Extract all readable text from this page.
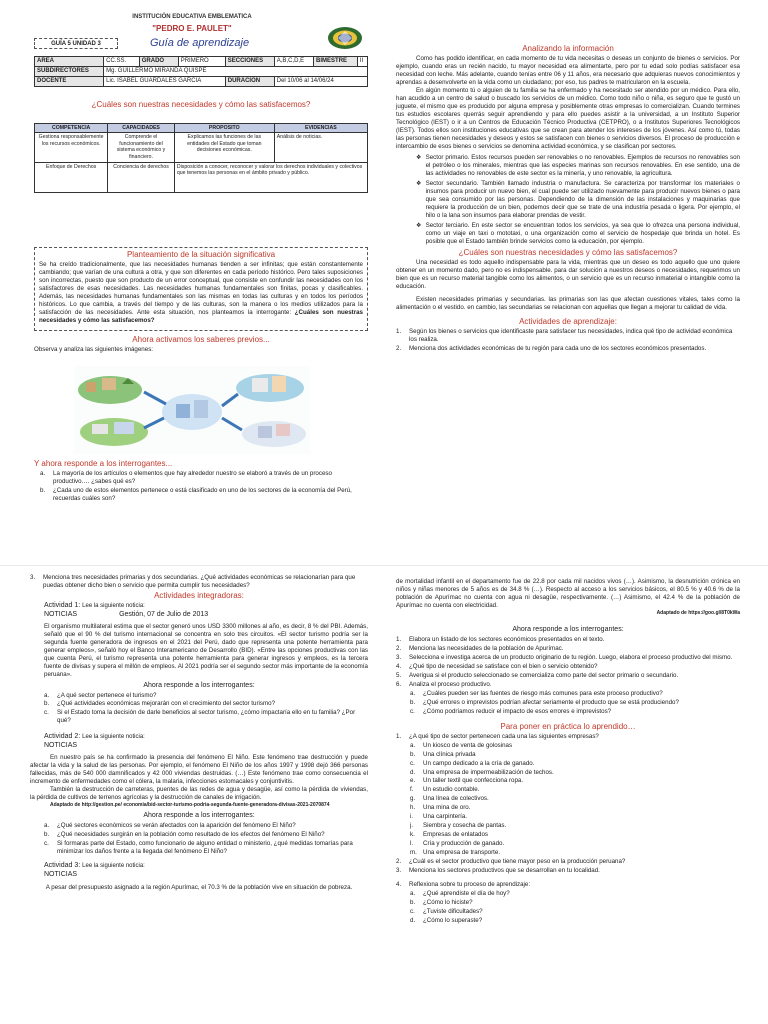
INSTITUCIÓN EDUCATIVA EMBLEMATICA
"PEDRO E. PAULET"
GUÍA 5 UNIDAD 3	Guía de aprendizaje
AREA	CC.SS.	GRADO	PRIMERO	SECCIONES	A,B,C,D,E	BIMESTRE	II
SUBDIRECTORES	Mg. GUILLERMO MIRANDA QUISPE						
DOCENTE	Lic. ISABEL GUARDALES GARCIA			DURACION	Del 10/06 al 14/06/24		
¿Cuáles son nuestras necesidades y cómo las satisfacemos?
COMPETENCIA	CAPACIDADES	PROPOSITO	EVIDENCIAS
Gestiona responsablemente los recursos económicos.	Comprende el funcionamiento del sistema económico y financiero.	Explicamos las funciones de las entidades del Estado que toman decisiones económicas.	Análisis de noticias.
Enfoque de Derechos	Conciencia de derechos	Disposición a conocer, reconocer y valorar los derechos individuales y colectivos que tenemos las personas en el ámbito privado y público.	
Planteamiento de la situación significativa

Se ha creído tradicionalmente, que las necesidades humanas tienden a ser infinitas; que están constantemente cambiando; que varían de una cultura a otra, y que son diferentes en cada período histórico. Pero tales suposiciones son incorrectas, puesto que son producto de un error conceptual, que consiste en confundir las necesidades con los satisfactores de esas necesidades. Las necesidades humanas fundamentales son finitas, pocas y clasificables. Además, las necesidades humanas fundamentales son las mismas en todas las culturas y en todos los períodos históricos. Lo que cambia, a través del tiempo y de las culturas, son la manera o los medios utilizados para la satisfacción de las necesidades. Ante esta situación, nos planteamos la interrogante: ¿Cuáles son nuestras necesidades y cómo las satisfacemos?

Ahora activamos los saberes previos...
Observa y analiza las siguientes imágenes:
Y ahora responde a los interrogantes...
a. La mayoría de los artículos o elementos que hay alrededor nuestro se elaboró a través de un proceso productivo…. ¿sabes qué es?
b. ¿Cada uno de estos elementos pertenece o está clasificado en uno de los sectores de la economía del Perú, recuerdas cuáles son?
Analizando la información

Como has podido identificar, en cada momento de tu vida necesitas o deseas un conjunto de bienes o servicios. Por ejemplo, cuando eras un recién nacido, tu mayor necesidad era alimentarte, pero por tu edad solo podías satisfacer esa necesidad con leche. Más adelante, cuando tenías entre 06 y 11 años, era necesario que adquieras nuevos conocimientos y aprendas a desenvolverte en la vida como un ciudadano; por eso, tus padres te matricularon en la escuela.

En algún momento tú o alguien de tu familia se ha enfermado y ha necesitado ser atendido por un médico. Para ello, han acudido a un centro de salud o buscado los servicios de un médico. Como todo niño o niña, es seguro que te gustó un juguete, el mismo que es producido por alguna empresa y posiblemente otras empresas lo comercializan. Cuando termines tus estudios escolares querrás seguir aprendiendo y para ello puedes asistir a la universidad, a un Instituto Superior Tecnológico (IEST) o ir a un Centros de Educación Técnico Productiva (CETPRO), o a Institutos Superiores Tecnológicos (IEST). Todos ellos son instituciones educativas que se crean para atender los intereses de los jóvenes. Así como tú, todas las personas tienen necesidades y deseos y estos se satisfacen con bienes o servicios diversos. El proceso de producción e intercambio de esos bienes o servicios se denomina actividad económica, y se clasifican por sectores.

❖ Sector primario. Estos recursos pueden ser renovables o no renovables. Ejemplos de recursos no renovables son el petróleo o los minerales, mientras que las especies marinas son recursos renovables. En ese sentido, una de las actividades no renovables de este sector es la minería, y uno renovable, la agricultura.
❖ Sector secundario. También llamado industria o manufactura. Se caracteriza por transformar los materiales o insumos para producir un nuevo bien, el cual puede ser utilizado nuevamente para producir nuevos bienes o para que sea consumido por las personas. Dependiendo de la dimensión de las instalaciones y maquinarias que requiere la producción de un bien, podemos decir que se trate de una industria pesada o ligera. Por ejemplo, el hilo o la lana son insumos para elaborar prendas de vestir.
❖ Sector terciario. En este sector se encuentran todos los servicios, ya sea que lo ofrezca una persona individual, como un viaje en taxi o mototaxi, o una organización como el servicio de hospedaje que brinda un hotel. Es posible que el Estado también brinde servicios como la educación, por ejemplo.
¿Cuáles son nuestras necesidades y cómo las satisfacemos?

Una necesidad es todo aquello indispensable para la vida, mientras que un deseo es todo aquello que uno quiere obtener en un momento dado, pero no es indispensable. para dar solución a nuestros deseos o necesidades, requerimos un bien que es un recurso material tangible como los alimentos, o un servicio que es un recurso inmaterial o intangible como la educación.

Existen necesidades primarias y secundarias. las primarias son las que afectan cuestiones vitales, tales como la alimentación o el vestido. en cambio, las secundarias se relacionan con aquellas que llegan a mejorar tu calidad de vida.

Actividades de aprendizaje:
1. Según los bienes o servicios que identificaste para satisfacer tus necesidades, indica qué tipo de actividad económica los realiza.
2. Menciona dos actividades económicas de tu región para cada uno de los sectores económicos presentados.
3. Menciona tres necesidades primarias y dos secundarias. ¿Qué actividades económicas se relacionarían para que puedas obtener dicho bien o servicio que permita cumplir tus necesidades?
Actividades integradoras:
Actividad 1: Lee la siguiente noticia:
NOTICIAS	Gestión, 07 de Julio de 2013

El organismo multilateral estima que el sector generó unos USD 3300 millones al año, es decir, 8 % del PBI. Además, señaló que el 90 % del turismo internacional se concentra en solo tres circuitos. «El sector turismo podría ser la segunda fuente generadora de ingresos en el 2021 del Perú, dado que representa una potente herramienta para generar empleos», señaló hoy el Banco Interamericano de Desarrollo (BID). «Entre las opciones productivas con las que cuenta Perú, el turismo representa una potente herramienta para generar ingresos y empleos, es la tercera fuente de divisas y supera el millón de empleos. Al 2021 podría ser el segundo sector más importante de la economía peruana».

Ahora responde a los interrogantes:
a. ¿A qué sector pertenece el turismo?
b. ¿Qué actividades económicas mejorarán con el crecimiento del sector turismo?
c.	Si el Estado toma la decisión de darle beneficios al sector turismo, ¿cómo impactaría ello en tu familia? ¿Por qué?
Actividad 2: Lee la siguiente noticia:
NOTICIAS

En nuestro país se ha confirmado la presencia del fenómeno El Niño. Este fenómeno trae destrucción y puede afectar la vida y la salud de las personas. Por ejemplo, el fenómeno El Niño de los años 1997 y 1998 dejó 366 personas fallecidas, más de 540 000 damnificados y 42 000 viviendas destruidas. (…) Este fenómeno trae como consecuencia el incremento de enfermedades como el cólera, la malaria, infecciones estomacales y conjuntivitis.

También la destrucción de carreteras, puentes de las redes de agua y desagüe, así como la pérdida de viviendas, la pérdida de cultivos de terrenos agrícolas y la destrucción de canales de irrigación.

Adaptado de http://gestion.pe/ economia/bid-sector-turismo-podria-segunda-fuente-generadora-divisas-2021-2070874

Ahora responde a los interrogantes:
a. ¿Qué sectores económicos se verán afectados con la aparición del fenómeno El Niño?
b. ¿Qué necesidades surgirán en la población como resultado de los efectos del fenómeno El Niño?
c.	Si formaras parte del Estado, como funcionario de alguno entidad o ministerio, ¿qué medidas tomarías para minimizar los daños frente a la llegada del fenómeno El Niño?
Actividad 3: Lee la siguiente noticia:
NOTICIAS

A pesar del presupuesto asignado a la región Apurímac, el 70.3 % de la población vive en situación de pobreza.

de mortalidad infantil en el departamento fue de 22.8 por cada mil nacidos vivos (…). Asimismo, la desnutrición crónica en niños y niñas menores de 5 años es de 34.8 % (…). Respecto al acceso a los servicios básicos, el 80.5 % y 40.6 % de la población de Apurímac no cuenta con agua ni desagüe, respectivamente. (…) Asimismo, el 42.4 % de la población de Apurímac no cuenta con electricidad.

Adaptado de https://goo.gl/8T0kWa

Ahora responde a los interrogantes:
1. Elabora un listado de los sectores económicos presentados en el texto.
2. Menciona las necesidades de la población de Apurímac.
3. Selecciona e investiga acerca de un producto originario de tu región. Luego, elabora el proceso productivo del mismo.
4. ¿Qué tipo de necesidad se satisface con el bien o servicio obtenido?
5. Averigua si el producto seleccionado se comercializa como parte del sector primario o secundario.
6. Analiza el proceso productivo.
a. ¿Cuáles pueden ser las fuentes de riesgo más comunes para este proceso productivo?
b. ¿Qué errores o imprevistos podrían afectar seriamente el producto que se está produciendo?
c.	¿Cómo podríamos reducir el impacto de esos errores e imprevistos?
Para poner en práctica lo aprendido…
1. ¿A qué tipo de sector pertenecen cada una las siguientes empresas?
a. Un kiosco de venta de golosinas
b. Una clínica privada
c.	Un campo dedicado a la cría de ganado.
d. Una empresa de impermeabilización de techos.
e. Un taller textil que confecciona ropa.
f.	Un estudio contable.
g. Una línea de colectivos.
h. Una mina de oro.
i.	Una carpintería.
j.	Siembra y cosecha de pantas.
k.	Empresas de enlatados
l.	Cría y producción de ganado.
m. Una empresa de transporte.
2. ¿Cuál es el sector productivo que tiene mayor peso en la producción peruana?
3. Menciona los sectores productivos que se desarrollan en tu localidad.
4. Reflexiona sobre tu proceso de aprendizaje:
a. ¿Qué aprendiste el día de hoy?
b. ¿Cómo lo hiciste?
c.	¿Tuviste dificultades?
d. ¿Cómo lo superaste?
